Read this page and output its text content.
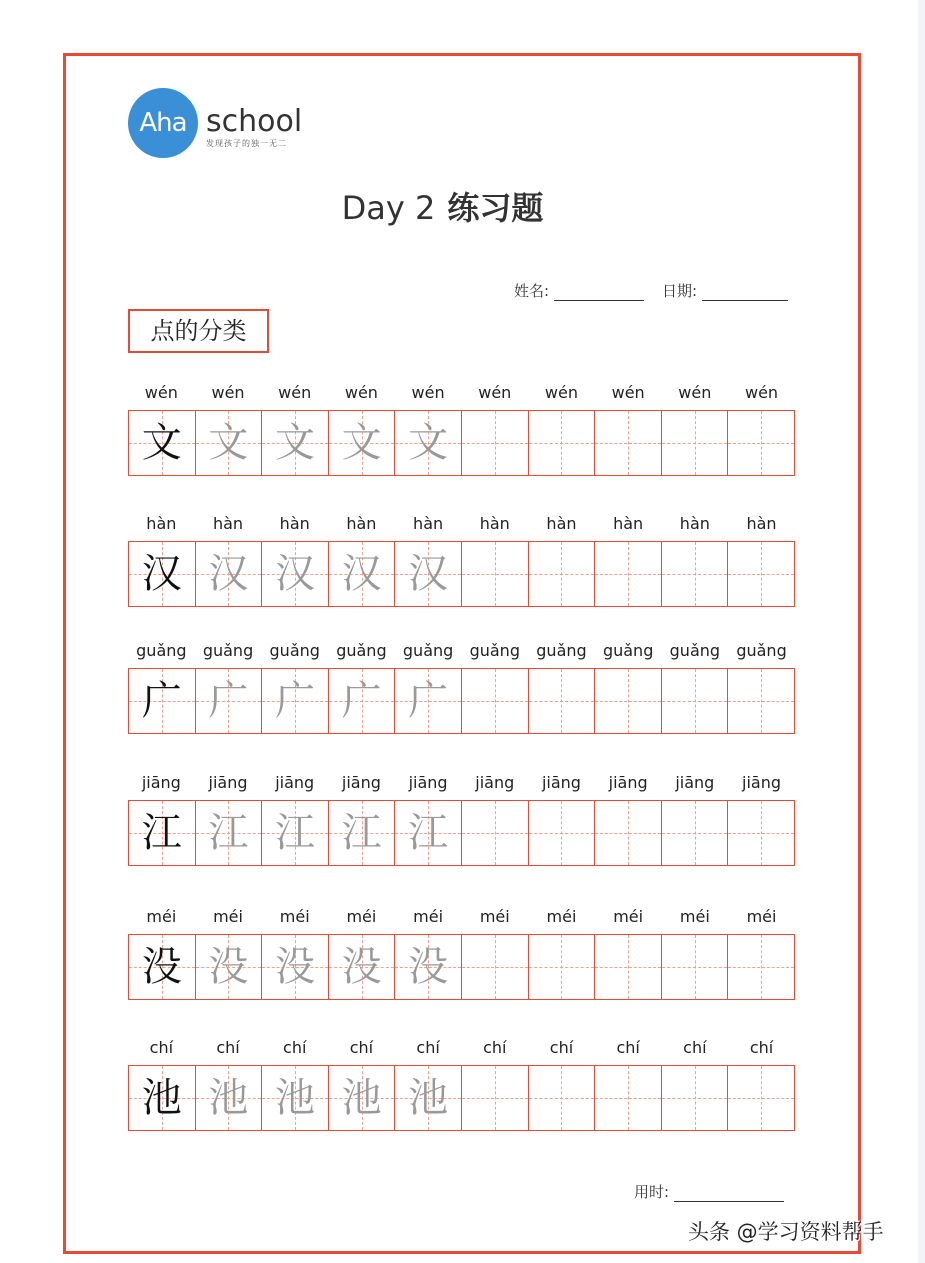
Aha school
发现孩子的独一无二
Day 2 练习题
姓名:	日期:
点的分类
wén	wén	wén	wén	wén	wén	wén	wén	wén	wén
文 文 文 文 文
hàn	hàn	hàn	hàn	hàn	hàn	hàn	hàn	hàn	hàn
汉 汉 汉 汉 汉
guǎng	guǎng	guǎng	guǎng	guǎng	guǎng	guǎng	guǎng	guǎng	guǎng
广 广 广 广 广
jiāng	jiāng	jiāng	jiāng	jiāng	jiāng	jiāng	jiāng	jiāng	jiāng
江 江 江 江 江
méi	méi	méi	méi	méi	méi	méi	méi	méi	méi
没 没 没 没 没
chí	chí	chí	chí	chí	chí	chí	chí	chí	chí
池 池 池 池 池
用时:
头条 @学习资料帮手
